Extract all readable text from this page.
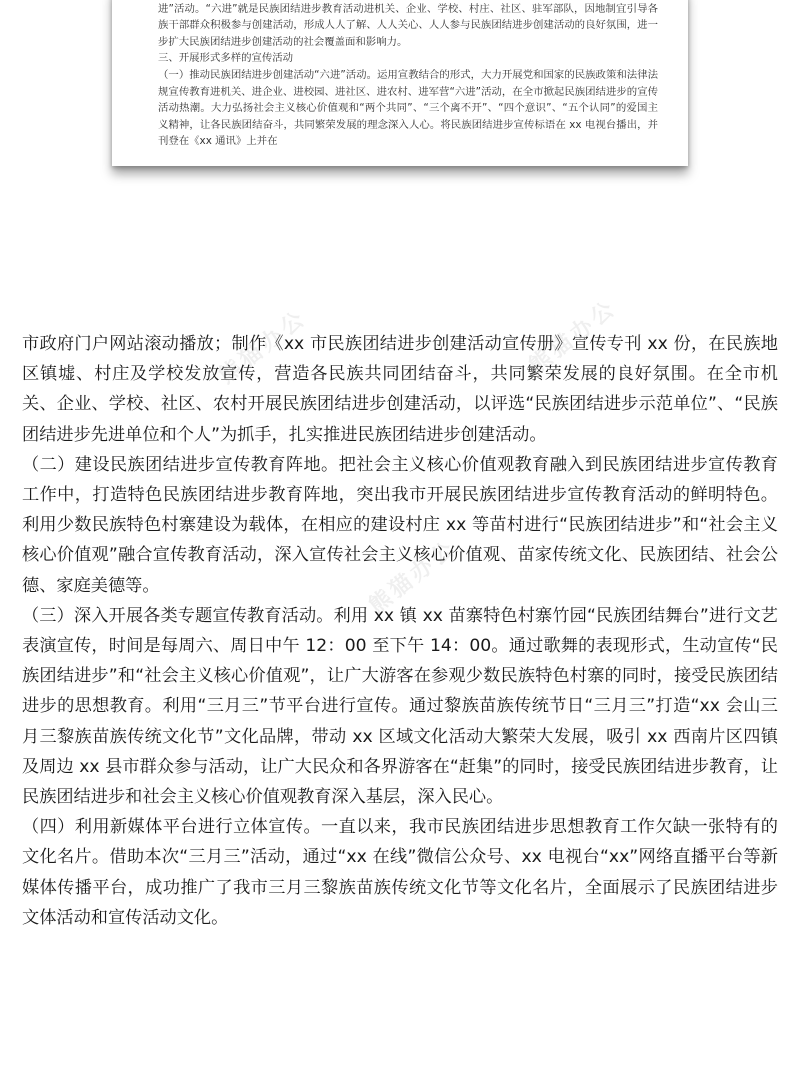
进”活动。“六进”就是民族团结进步教育活动进机关、企业、学校、村庄、社区、驻军部队，因地制宜引导各族干部群众积极参与创建活动，形成人人了解、人人关心、人人参与民族团结进步创建活动的良好氛围，进一步扩大民族团结进步创建活动的社会覆盖面和影响力。

三、开展形式多样的宣传活动

（一）推动民族团结进步创建活动“六进”活动。运用宣教结合的形式，大力开展党和国家的民族政策和法律法规宣传教育进机关、进企业、进校园、进社区、进农村、进军营“六进”活动，在全市掀起民族团结进步的宣传活动热潮。大力弘扬社会主义核心价值观和“两个共同”、“三个离不开”、“四个意识”、“五个认同”的爱国主义精神，让各民族团结奋斗，共同繁荣发展的理念深入人心。将民族团结进步宣传标语在 xx 电视台播出，并刊登在《xx 通讯》上并在

熊猫办公	熊猫办公
熊猫办公

市政府门户网站滚动播放；制作《xx 市民族团结进步创建活动宣传册》宣传专刊 xx 份，在民族地区镇墟、村庄及学校发放宣传，营造各民族共同团结奋斗，共同繁荣发展的良好氛围。在全市机关、企业、学校、社区、农村开展民族团结进步创建活动，以评选“民族团结进步示范单位”、“民族团结进步先进单位和个人”为抓手，扎实推进民族团结进步创建活动。

（二）建设民族团结进步宣传教育阵地。把社会主义核心价值观教育融入到民族团结进步宣传教育工作中，打造特色民族团结进步教育阵地，突出我市开展民族团结进步宣传教育活动的鲜明特色。利用少数民族特色村寨建设为载体，在相应的建设村庄 xx 等苗村进行“民族团结进步”和“社会主义核心价值观”融合宣传教育活动，深入宣传社会主义核心价值观、苗家传统文化、民族团结、社会公德、家庭美德等。

（三）深入开展各类专题宣传教育活动。利用 xx 镇 xx 苗寨特色村寨竹园“民族团结舞台”进行文艺表演宣传，时间是每周六、周日中午 12：00 至下午 14：00。通过歌舞的表现形式，生动宣传“民族团结进步”和“社会主义核心价值观”，让广大游客在参观少数民族特色村寨的同时，接受民族团结进步的思想教育。利用“三月三”节平台进行宣传。通过黎族苗族传统节日“三月三”打造“xx 会山三月三黎族苗族传统文化节”文化品牌，带动 xx 区域文化活动大繁荣大发展，吸引 xx 西南片区四镇及周边 xx 县市群众参与活动，让广大民众和各界游客在“赶集”的同时，接受民族团结进步教育，让民族团结进步和社会主义核心价值观教育深入基层，深入民心。

（四）利用新媒体平台进行立体宣传。一直以来，我市民族团结进步思想教育工作欠缺一张特有的文化名片。借助本次“三月三”活动，通过“xx 在线”微信公众号、xx 电视台“xx”网络直播平台等新媒体传播平台，成功推广了我市三月三黎族苗族传统文化节等文化名片，全面展示了民族团结进步文体活动和宣传活动文化。
